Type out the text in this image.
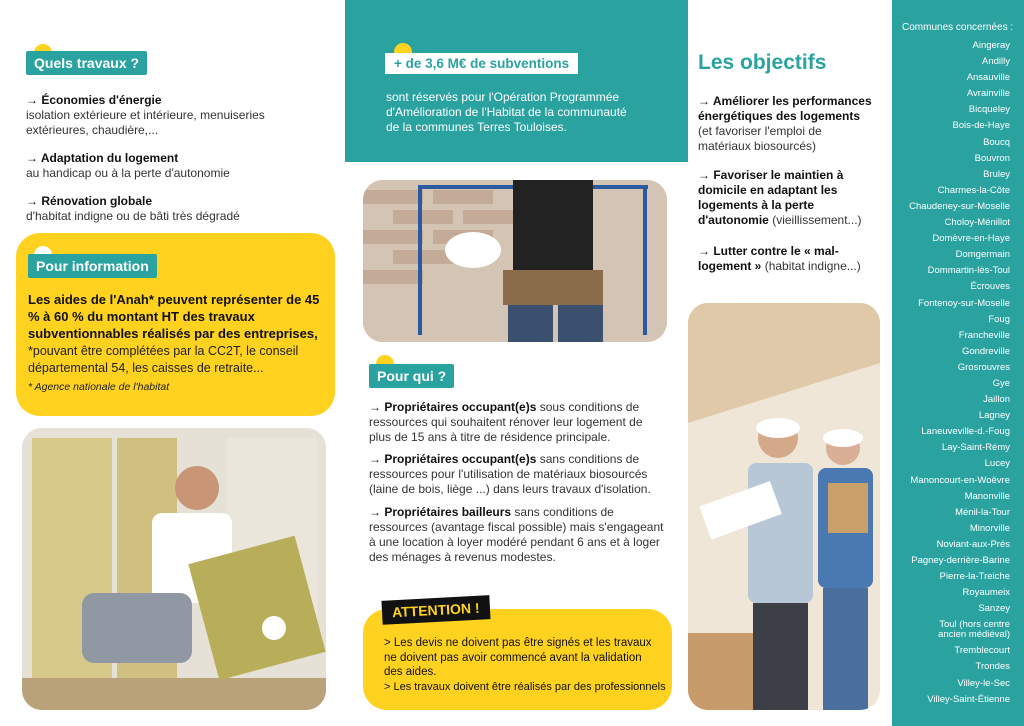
Quels travaux ?
→ Économies d'énergie
isolation extérieure et intérieure, menuiseries extérieures, chaudière,...
→ Adaptation du logement
au handicap ou à la perte d'autonomie
→ Rénovation globale
d'habitat indigne ou de bâti très dégradé
Pour information
Les aides de l'Anah* peuvent représenter de 45 % à 60 % du montant HT des travaux subventionnables réalisés par des entreprises,
*pouvant être complétées par la CC2T, le conseil départemental 54, les caisses de retraite...
* Agence nationale de l'habitat
+ de 3,6 M€ de subventions
sont réservés pour l'Opération Programmée d'Amélioration de l'Habitat de la communauté de la communes Terres Touloises.
Pour qui ?
→ Propriétaires occupant(e)s sous conditions de ressources qui souhaitent rénover leur logement de plus de 15 ans à titre de résidence principale.
→ Propriétaires occupant(e)s sans conditions de ressources pour l'utilisation de matériaux biosourcés (laine de bois, liège ...) dans leurs travaux d'isolation.
→ Propriétaires bailleurs sans conditions de ressources (avantage fiscal possible) mais s'engageant à une location à loyer modéré pendant 6 ans et à loger des ménages à revenus modestes.
ATTENTION !
> Les devis ne doivent pas être signés et les travaux ne doivent pas avoir commencé avant la validation des aides.
> Les travaux doivent être réalisés par des professionnels
Les objectifs
→ Améliorer les performances énergétiques des logements (et favoriser l'emploi de matériaux biosourcés)
→ Favoriser le maintien à domicile en adaptant les logements à la perte d'autonomie (vieillissement...)
→ Lutter contre le « mal-logement » (habitat indigne...)
Communes concernées :
Aingeray
Andilly
Ansauville
Avrainville
Bicqueley
Bois-de-Haye
Boucq
Bouvron
Bruley
Charmes-la-Côte
Chaudeney-sur-Moselle
Choloy-Ménillot
Domèvre-en-Haye
Domgermain
Dommartin-lès-Toul
Écrouves
Fontenoy-sur-Moselle
Foug
Francheville
Gondreville
Grosrouvres
Gye
Jaillon
Lagney
Laneuveville-d.-Foug
Lay-Saint-Rémy
Lucey
Manoncourt-en-Woëvre
Manonville
Ménil-la-Tour
Minorville
Noviant-aux-Prés
Pagney-derrière-Barine
Pierre-la-Treiche
Royaumeix
Sanzey
Toul (hors centre ancien médiéval)
Tremblecourt
Trondes
Villey-le-Sec
Villey-Saint-Étienne
